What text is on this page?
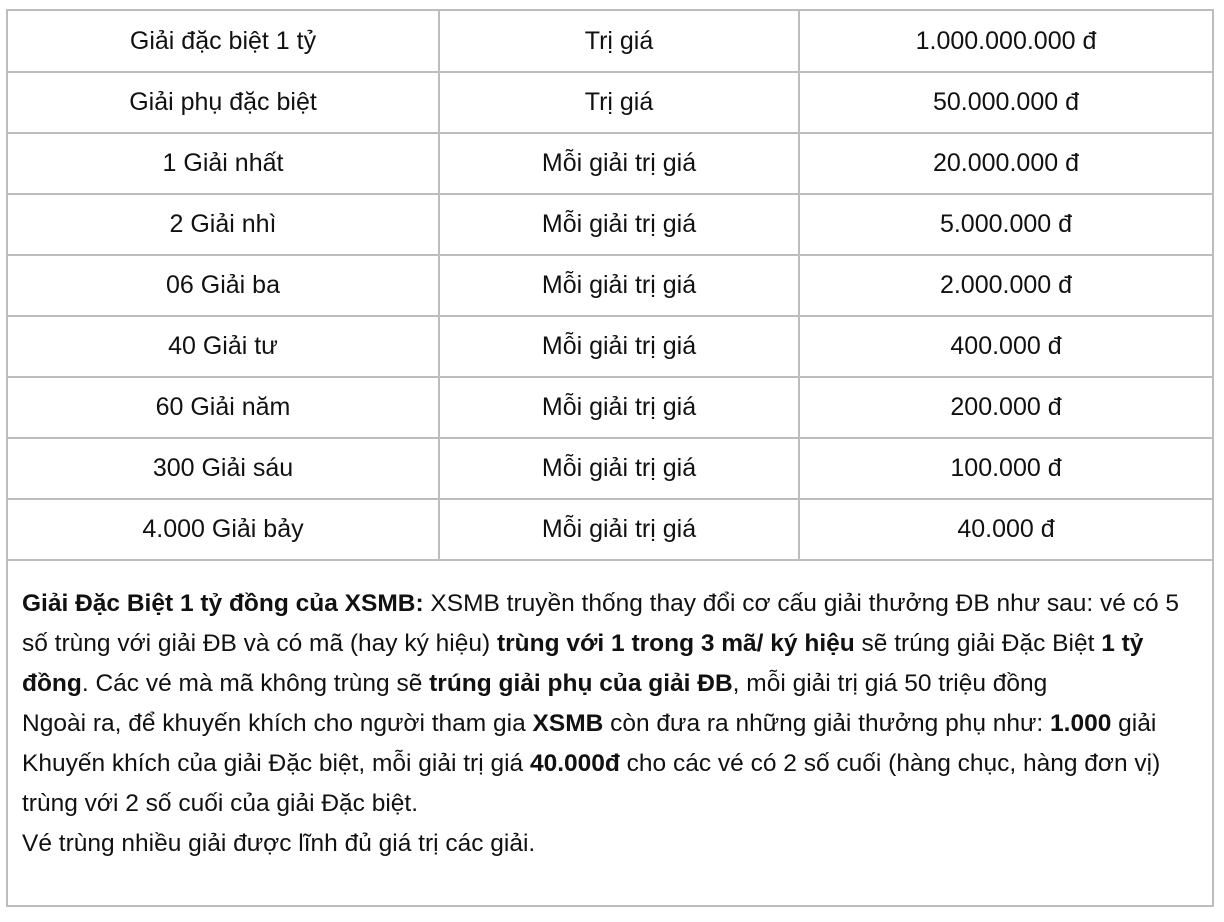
Giải đặc biệt 1 tỷ	Trị giá	1.000.000.000 đ
Giải phụ đặc biệt	Trị giá	50.000.000 đ
1 Giải nhất	Mỗi giải trị giá	20.000.000 đ
2 Giải nhì	Mỗi giải trị giá	5.000.000 đ
06 Giải ba	Mỗi giải trị giá	2.000.000 đ
40 Giải tư	Mỗi giải trị giá	400.000 đ
60 Giải năm	Mỗi giải trị giá	200.000 đ
300 Giải sáu	Mỗi giải trị giá	100.000 đ
4.000 Giải bảy	Mỗi giải trị giá	40.000 đ

Giải Đặc Biệt 1 tỷ đồng của XSMB: XSMB truyền thống thay đổi cơ cấu giải thưởng ĐB như sau: vé có 5 số trùng với giải ĐB và có mã (hay ký hiệu) trùng với 1 trong 3 mã/ ký hiệu sẽ trúng giải Đặc Biệt 1 tỷ đồng. Các vé mà mã không trùng sẽ trúng giải phụ của giải ĐB, mỗi giải trị giá 50 triệu đồng

Ngoài ra, để khuyến khích cho người tham gia XSMB còn đưa ra những giải thưởng phụ như: 1.000 giải Khuyến khích của giải Đặc biệt, mỗi giải trị giá 40.000đ cho các vé có 2 số cuối (hàng chục, hàng đơn vị) trùng với 2 số cuối của giải Đặc biệt.

Vé trùng nhiều giải được lĩnh đủ giá trị các giải.
